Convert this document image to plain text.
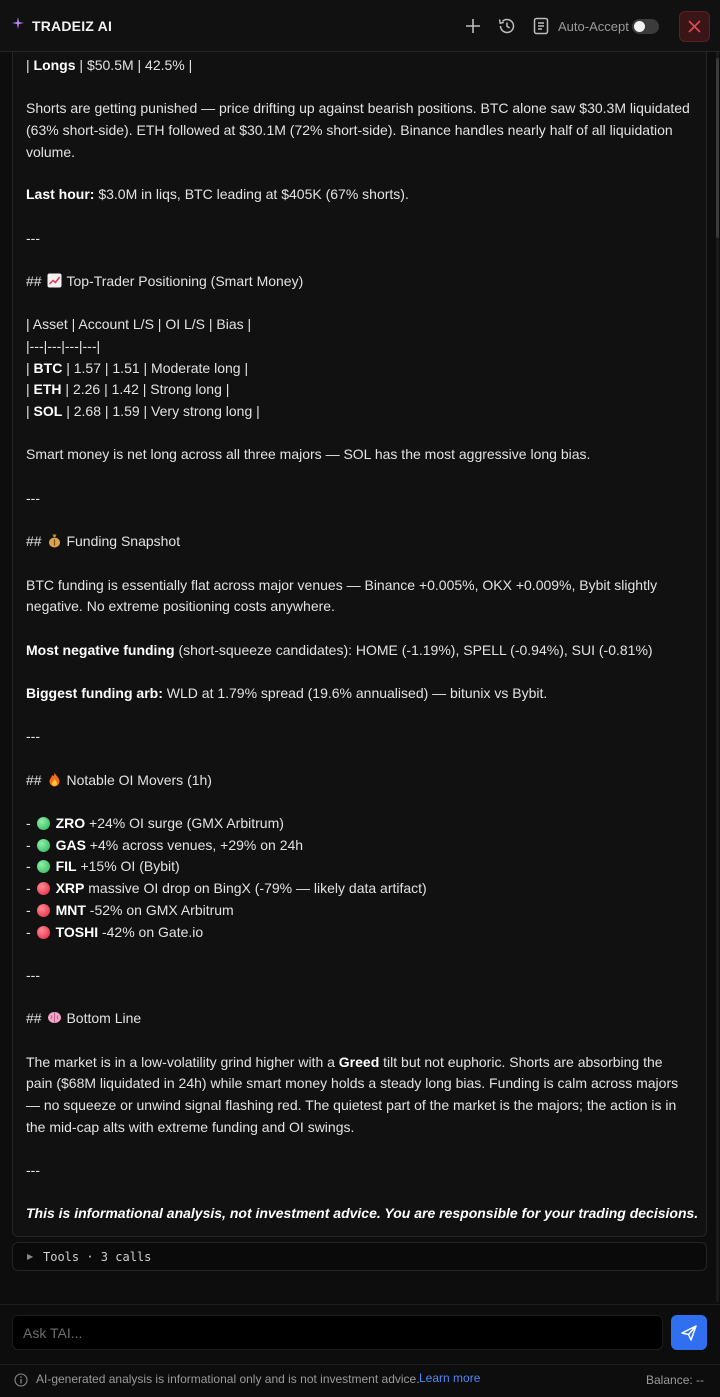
TRADEIZ AI	Auto-Accept
| Longs | $50.5M | 42.5% |
Shorts are getting punished — price drifting up against bearish positions. BTC alone saw $30.3M liquidated
(63% short-side). ETH followed at $30.1M (72% short-side). Binance handles nearly half of all liquidation
volume.
Last hour: $3.0M in liqs, BTC leading at $405K (67% shorts).
---
## Top-Trader Positioning (Smart Money)
| Asset | Account L/S | OI L/S | Bias |
|---|---|---|---|
| BTC | 1.57 | 1.51 | Moderate long |
| ETH | 2.26 | 1.42 | Strong long |
| SOL | 2.68 | 1.59 | Very strong long |
Smart money is net long across all three majors — SOL has the most aggressive long bias.
---
## Funding Snapshot
BTC funding is essentially flat across major venues — Binance +0.005%, OKX +0.009%, Bybit slightly
negative. No extreme positioning costs anywhere.
Most negative funding (short-squeeze candidates): HOME (-1.19%), SPELL (-0.94%), SUI (-0.81%)
Biggest funding arb: WLD at 1.79% spread (19.6% annualised) — bitunix vs Bybit.
---
## Notable OI Movers (1h)
- ZRO +24% OI surge (GMX Arbitrum)
- GAS +4% across venues, +29% on 24h
- FIL +15% OI (Bybit)
- XRP massive OI drop on BingX (-79% — likely data artifact)
- MNT -52% on GMX Arbitrum
- TOSHI -42% on Gate.io
---
## Bottom Line
The market is in a low-volatility grind higher with a Greed tilt but not euphoric. Shorts are absorbing the
pain ($68M liquidated in 24h) while smart money holds a steady long bias. Funding is calm across majors
— no squeeze or unwind signal flashing red. The quietest part of the market is the majors; the action is in
the mid-cap alts with extreme funding and OI swings.
---
This is informational analysis, not investment advice. You are responsible for your trading decisions.
▶ Tools · 3 calls
Ask TAI...
AI-generated analysis is informational only and is not investment advice. Learn more	Balance: --
